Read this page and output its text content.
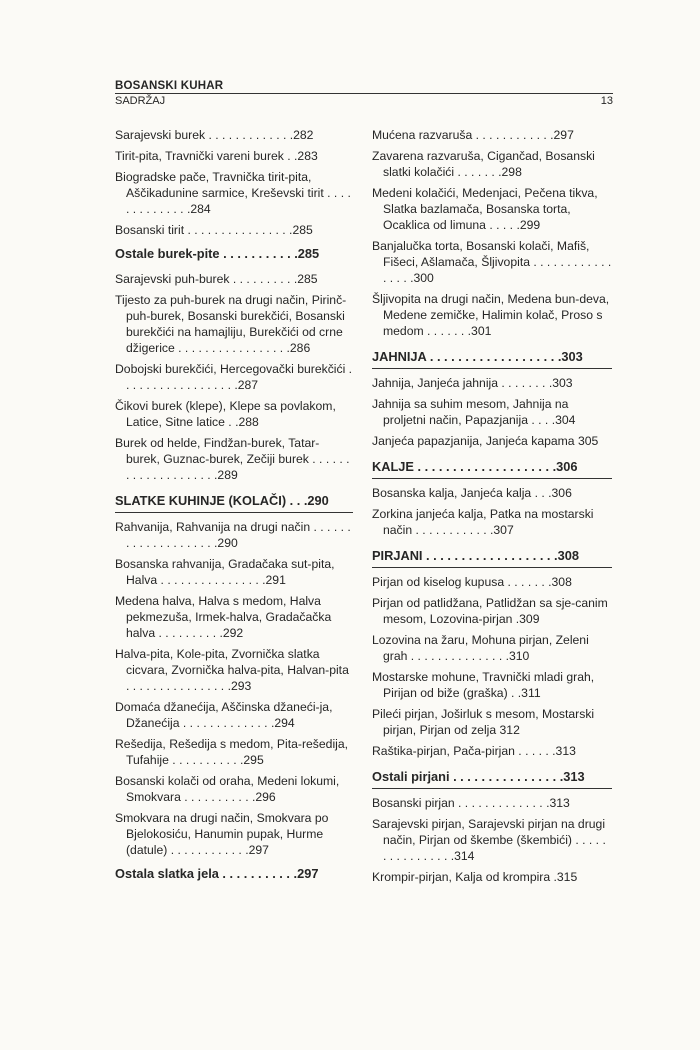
BOSANSKI KUHAR
SADRŽAJ	13
Sarajevski burek . . . . . . . . . . . . .282
Tirit-pita, Travnički vareni burek . .283
Biogradske pače, Travnička tirit-pita, Aščikadunine sarmice, Kreševski tirit . . . . . . . . . . . . . .284
Bosanski tirit . . . . . . . . . . . . . . . .285
Ostale burek-pite . . . . . . . . . . .285
Sarajevski puh-burek . . . . . . . . . .285
Tijesto za puh-burek na drugi način, Pirinč-puh-burek, Bosanski burekčići, Bosanski burekčići na hamajliju, Burekčići od crne džigerice . . . . . . . . . . . . . . . . .286
Dobojski burekčići, Hercegovački burekčići . . . . . . . . . . . . . . . . . .287
Čikovi burek (klepe), Klepe sa povlakom, Latice, Sitne latice . .288
Burek od helde, Findžan-burek, Tatar-burek, Guznac-burek, Zečiji burek . . . . . . . . . . . . . . . . . . . .289
SLATKE KUHINJE (KOLAČI) . . .290
Rahvanija, Rahvanija na drugi način . . . . . . . . . . . . . . . . . . . .290
Bosanska rahvanija, Gradačaka sut-pita, Halva . . . . . . . . . . . . . . . .291
Medena halva, Halva s medom, Halva pekmezuša, Irmek-halva, Gradačačka halva . . . . . . . . . .292
Halva-pita, Kole-pita, Zvornička slatka cicvara, Zvornička halva-pita, Halvan-pita . . . . . . . . . . . . . . . .293
Domaća džanećija, Aščinska džaneći-ja, Džanećija . . . . . . . . . . . . . .294
Rešedija, Rešedija s medom, Pita-rešedija, Tufahije . . . . . . . . . . .295
Bosanski kolači od oraha, Medeni lokumi, Smokvara . . . . . . . . . . .296
Smokvara na drugi način, Smokvara po Bjelokosiću, Hanumin pupak, Hurme (datule) . . . . . . . . . . . .297
Ostala slatka jela . . . . . . . . . . .297
Mućena razvaruša . . . . . . . . . . . .297
Zavarena razvaruša, Cigančad, Bosanski slatki kolačići . . . . . . .298
Medeni kolačići, Medenjaci, Pečena tikva, Slatka bazlamača, Bosanska torta, Ocaklica od limuna . . . . .299
Banjalučka torta, Bosanski kolači, Mafiš, Fišeci, Ašlamača, Šljivopita . . . . . . . . . . . . . . . . .300
Šljivopita na drugi način, Medena bun-deva, Medene zemičke, Halimin kolač, Proso s medom . . . . . . .301
JAHNIJA . . . . . . . . . . . . . . . . . . .303
Jahnija, Janjeća jahnija . . . . . . . .303
Jahnija sa suhim mesom, Jahnija na proljetni način, Papazjanija . . . .304
Janjeća papazjanija, Janjeća kapama 305
KALJE . . . . . . . . . . . . . . . . . . . .306
Bosanska kalja, Janjeća kalja . . .306
Zorkina janjeća kalja, Patka na mostarski način . . . . . . . . . . . .307
PIRJANI . . . . . . . . . . . . . . . . . . .308
Pirjan od kiselog kupusa . . . . . . .308
Pirjan od patlidžana, Patlidžan sa sje-canim mesom, Lozovina-pirjan .309
Lozovina na žaru, Mohuna pirjan, Zeleni grah . . . . . . . . . . . . . . .310
Mostarske mohune, Travnički mladi grah, Pirijan od biže (graška) . .311
Pileći pirjan, Joširluk s mesom, Mostarski pirjan, Pirjan od zelja 312
Raštika-pirjan, Pača-pirjan . . . . . .313
Ostali pirjani . . . . . . . . . . . . . . . .313
Bosanski pirjan . . . . . . . . . . . . . .313
Sarajevski pirjan, Sarajevski pirjan na drugi način, Pirjan od škembe (škembići) . . . . . . . . . . . . . . . .314
Krompir-pirjan, Kalja od krompira .315
